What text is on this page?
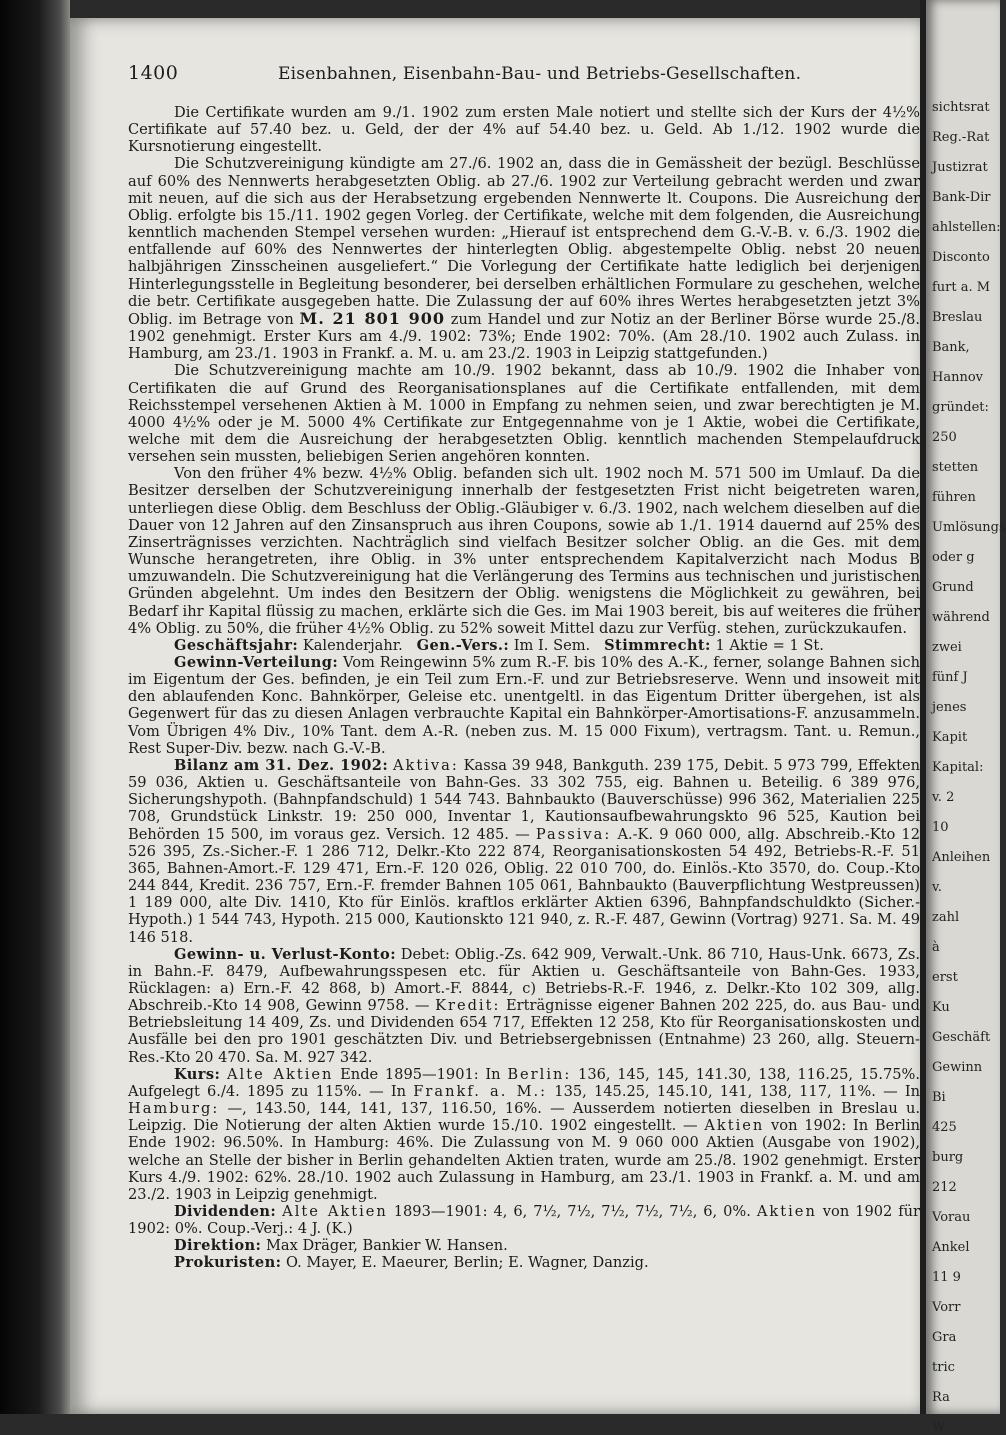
1400	Eisenbahnen, Eisenbahn-Bau- und Betriebs-Gesellschaften.

Die Certifikate wurden am 9./1. 1902 zum ersten Male notiert und stellte sich der Kurs der 4½% Certifikate auf 57.40 bez. u. Geld, der der 4% auf 54.40 bez. u. Geld. Ab 1./12. 1902 wurde die Kursnotierung eingestellt.

Die Schutzvereinigung kündigte am 27./6. 1902 an, dass die in Gemässheit der bezügl. Beschlüsse auf 60% des Nennwerts herabgesetzten Oblig. ab 27./6. 1902 zur Verteilung gebracht werden und zwar mit neuen, auf die sich aus der Herabsetzung ergebenden Nennwerte lt. Coupons. Die Ausreichung der Oblig. erfolgte bis 15./11. 1902 gegen Vorleg. der Certifikate, welche mit dem folgenden, die Ausreichung kenntlich machenden Stempel versehen wurden: „Hierauf ist entsprechend dem G.-V.-B. v. 6./3. 1902 die entfallende auf 60% des Nennwertes der hinterlegten Oblig. abgestempelte Oblig. nebst 20 neuen halbjährigen Zinsscheinen ausgeliefert.“ Die Vorlegung der Certifikate hatte lediglich bei derjenigen Hinterlegungsstelle in Begleitung besonderer, bei derselben erhältlichen Formulare zu geschehen, welche die betr. Certifikate ausgegeben hatte. Die Zulassung der auf 60% ihres Wertes herabgesetzten jetzt 3% Oblig. im Betrage von M. 21 801 900 zum Handel und zur Notiz an der Berliner Börse wurde 25./8. 1902 genehmigt. Erster Kurs am 4./9. 1902: 73%; Ende 1902: 70%. (Am 28./10. 1902 auch Zulass. in Hamburg, am 23./1. 1903 in Frankf. a. M. u. am 23./2. 1903 in Leipzig stattgefunden.)

Die Schutzvereinigung machte am 10./9. 1902 bekannt, dass ab 10./9. 1902 die Inhaber von Certifikaten die auf Grund des Reorganisationsplanes auf die Certifikate entfallenden, mit dem Reichsstempel versehenen Aktien à M. 1000 in Empfang zu nehmen seien, und zwar berechtigten je M. 4000 4½% oder je M. 5000 4% Certifikate zur Entgegennahme von je 1 Aktie, wobei die Certifikate, welche mit dem die Ausreichung der herabgesetzten Oblig. kenntlich machenden Stempelaufdruck versehen sein mussten, beliebigen Serien angehören konnten.

Von den früher 4% bezw. 4½% Oblig. befanden sich ult. 1902 noch M. 571 500 im Umlauf. Da die Besitzer derselben der Schutzvereinigung innerhalb der festgesetzten Frist nicht beigetreten waren, unterliegen diese Oblig. dem Beschluss der Oblig.-Gläubiger v. 6./3. 1902, nach welchem dieselben auf die Dauer von 12 Jahren auf den Zinsanspruch aus ihren Coupons, sowie ab 1./1. 1914 dauernd auf 25% des Zinserträgnisses verzichten. Nachträglich sind vielfach Besitzer solcher Oblig. an die Ges. mit dem Wunsche herangetreten, ihre Oblig. in 3% unter entsprechendem Kapitalverzicht nach Modus B umzuwandeln. Die Schutzvereinigung hat die Verlängerung des Termins aus technischen und juristischen Gründen abgelehnt. Um indes den Besitzern der Oblig. wenigstens die Möglichkeit zu gewähren, bei Bedarf ihr Kapital flüssig zu machen, erklärte sich die Ges. im Mai 1903 bereit, bis auf weiteres die früher 4% Oblig. zu 50%, die früher 4½% Oblig. zu 52% soweit Mittel dazu zur Verfüg. stehen, zurückzukaufen.

Geschäftsjahr: Kalenderjahr. Gen.-Vers.: Im I. Sem. Stimmrecht: 1 Aktie = 1 St.

Gewinn-Verteilung: Vom Reingewinn 5% zum R.-F. bis 10% des A.-K., ferner, solange Bahnen sich im Eigentum der Ges. befinden, je ein Teil zum Ern.-F. und zur Betriebsreserve. Wenn und insoweit mit den ablaufenden Konc. Bahnkörper, Geleise etc. unentgeltl. in das Eigentum Dritter übergehen, ist als Gegenwert für das zu diesen Anlagen verbrauchte Kapital ein Bahnkörper-Amortisations-F. anzusammeln. Vom Übrigen 4% Div., 10% Tant. dem A.-R. (neben zus. M. 15 000 Fixum), vertragsm. Tant. u. Remun., Rest Super-Div. bezw. nach G.-V.-B.

Bilanz am 31. Dez. 1902: Aktiva: Kassa 39 948, Bankguth. 239 175, Debit. 5 973 799, Effekten 59 036, Aktien u. Geschäftsanteile von Bahn-Ges. 33 302 755, eig. Bahnen u. Beteilig. 6 389 976, Sicherungshypoth. (Bahnpfandschuld) 1 544 743. Bahnbaukto (Bauverschüsse) 996 362, Materialien 225 708, Grundstück Linkstr. 19: 250 000, Inventar 1, Kautionsaufbewahrungskto 96 525, Kaution bei Behörden 15 500, im voraus gez. Versich. 12 485. — Passiva: A.-K. 9 060 000, allg. Abschreib.-Kto 12 526 395, Zs.-Sicher.-F. 1 286 712, Delkr.-Kto 222 874, Reorganisationskosten 54 492, Betriebs-R.-F. 51 365, Bahnen-Amort.-F. 129 471, Ern.-F. 120 026, Oblig. 22 010 700, do. Einlös.-Kto 3570, do. Coup.-Kto 244 844, Kredit. 236 757, Ern.-F. fremder Bahnen 105 061, Bahnbaukto (Bauverpflichtung Westpreussen) 1 189 000, alte Div. 1410, Kto für Einlös. kraftlos erklärter Aktien 6396, Bahnpfandschuldkto (Sicher.-Hypoth.) 1 544 743, Hypoth. 215 000, Kautionskto 121 940, z. R.-F. 487, Gewinn (Vortrag) 9271. Sa. M. 49 146 518.

Gewinn- u. Verlust-Konto: Debet: Oblig.-Zs. 642 909, Verwalt.-Unk. 86 710, Haus-Unk. 6673, Zs. in Bahn.-F. 8479, Aufbewahrungsspesen etc. für Aktien u. Geschäftsanteile von Bahn-Ges. 1933, Rücklagen: a) Ern.-F. 42 868, b) Amort.-F. 8844, c) Betriebs-R.-F. 1946, z. Delkr.-Kto 102 309, allg. Abschreib.-Kto 14 908, Gewinn 9758. — Kredit: Erträgnisse eigener Bahnen 202 225, do. aus Bau- und Betriebsleitung 14 409, Zs. und Dividenden 654 717, Effekten 12 258, Kto für Reorganisationskosten und Ausfälle bei den pro 1901 geschätzten Div. und Betriebsergebnissen (Entnahme) 23 260, allg. Steuern-Res.-Kto 20 470. Sa. M. 927 342.

Kurs: Alte Aktien Ende 1895—1901: In Berlin: 136, 145, 145, 141.30, 138, 116.25, 15.75%. Aufgelegt 6./4. 1895 zu 115%. — In Frankf. a. M.: 135, 145.25, 145.10, 141, 138, 117, 11%. — In Hamburg: —, 143.50, 144, 141, 137, 116.50, 16%. — Ausserdem notierten dieselben in Breslau u. Leipzig. Die Notierung der alten Aktien wurde 15./10. 1902 eingestellt. — Aktien von 1902: In Berlin Ende 1902: 96.50%. In Hamburg: 46%. Die Zulassung von M. 9 060 000 Aktien (Ausgabe von 1902), welche an Stelle der bisher in Berlin gehandelten Aktien traten, wurde am 25./8. 1902 genehmigt. Erster Kurs 4./9. 1902: 62%. 28./10. 1902 auch Zulassung in Hamburg, am 23./1. 1903 in Frankf. a. M. und am 23./2. 1903 in Leipzig genehmigt.

Dividenden: Alte Aktien 1893—1901: 4, 6, 7½, 7½, 7½, 7½, 7½, 6, 0%. Aktien von 1902 für 1902: 0%. Coup.-Verj.: 4 J. (K.)

Direktion: Max Dräger, Bankier W. Hansen.

Prokuristen: O. Mayer, E. Maeurer, Berlin; E. Wagner, Danzig.

sichtsrat
Reg.-Rat
Justizrat
Bank-Dir
ahlstellen:
Disconto
furt a. M
Breslau
Bank,
Hannov
gründet:
250
stetten
führen
Umlösungs
oder g
Grund
während
zwei
fünf J
jenes
Kapit
Kapital:
v. 2
10
Anleihen
v.
zahl
à
erst
Ku
Geschäft
Gewinn
Bi
425
burg
212
Vorau
Ankel
11 9
Vorr
Gra
tric
Ra
W
